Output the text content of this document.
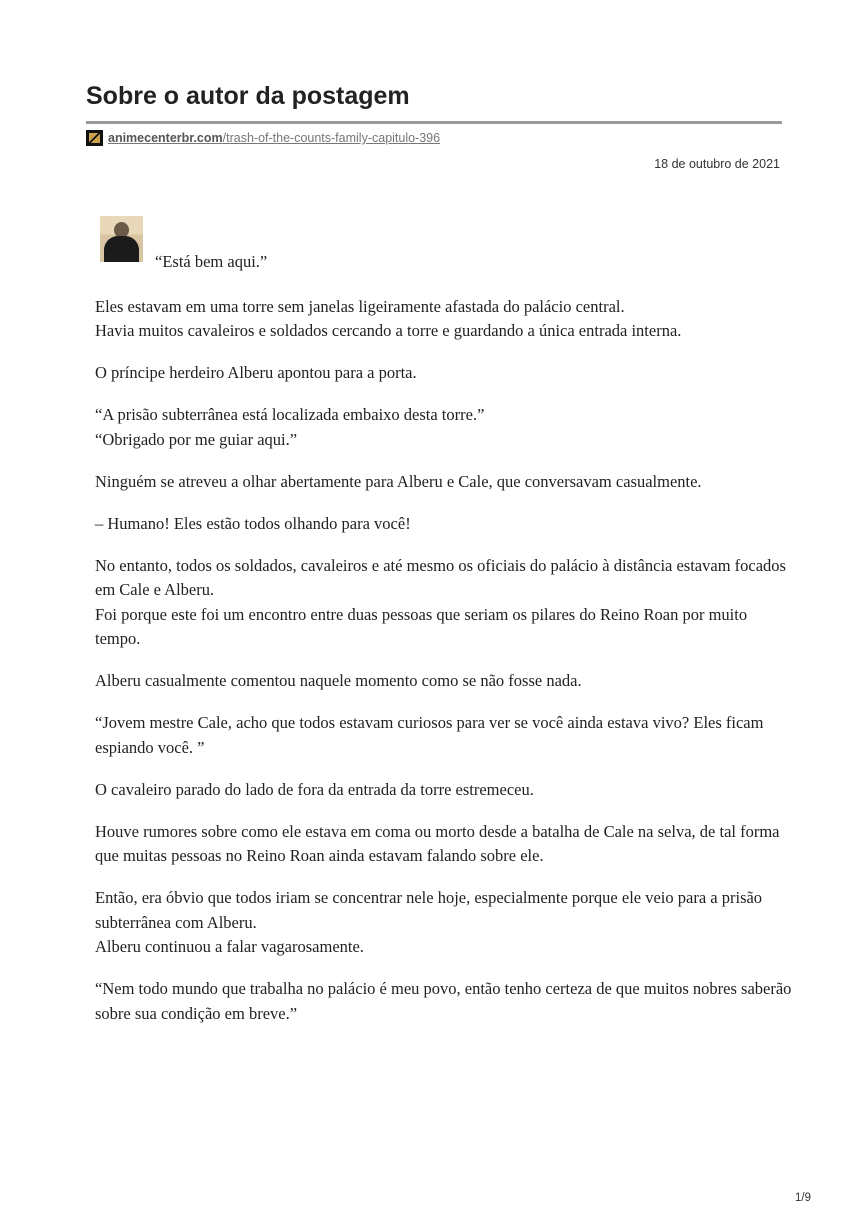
Sobre o autor da postagem
animecenterbr.com/trash-of-the-counts-family-capitulo-396
18 de outubro de 2021

“Está bem aqui.”

Eles estavam em uma torre sem janelas ligeiramente afastada do palácio central.
Havia muitos cavaleiros e soldados cercando a torre e guardando a única entrada interna.

O príncipe herdeiro Alberu apontou para a porta.

“A prisão subterrânea está localizada embaixo desta torre.”
“Obrigado por me guiar aqui.”

Ninguém se atreveu a olhar abertamente para Alberu e Cale, que conversavam casualmente.

– Humano! Eles estão todos olhando para você!

No entanto, todos os soldados, cavaleiros e até mesmo os oficiais do palácio à distância estavam focados em Cale e Alberu.
Foi porque este foi um encontro entre duas pessoas que seriam os pilares do Reino Roan por muito tempo.

Alberu casualmente comentou naquele momento como se não fosse nada.

“Jovem mestre Cale, acho que todos estavam curiosos para ver se você ainda estava vivo? Eles ficam espiando você. ”

O cavaleiro parado do lado de fora da entrada da torre estremeceu.

Houve rumores sobre como ele estava em coma ou morto desde a batalha de Cale na selva, de tal forma que muitas pessoas no Reino Roan ainda estavam falando sobre ele.

Então, era óbvio que todos iriam se concentrar nele hoje, especialmente porque ele veio para a prisão subterrânea com Alberu.
Alberu continuou a falar vagarosamente.

“Nem todo mundo que trabalha no palácio é meu povo, então tenho certeza de que muitos nobres saberão sobre sua condição em breve.”

1/9
